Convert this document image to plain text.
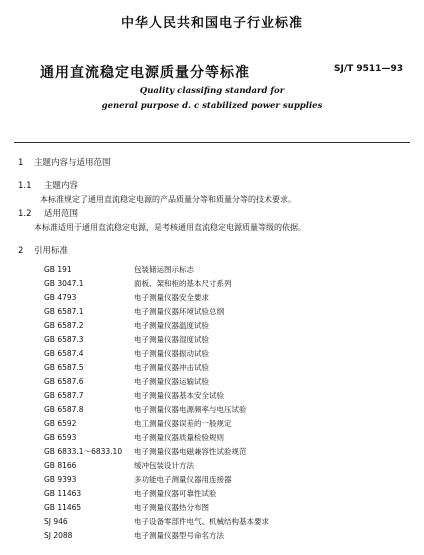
中华人民共和国电子行业标准
通用直流稳定电源质量分等标准	SJ/T 9511—93
Quality classifing standard for
general purpose d. c stabilized power supplies
1 主题内容与适用范围
1.1 主题内容
本标准规定了通用直流稳定电源的产品质量分等和质量分等的技术要求。
1.2 适用范围
本标准适用于通用直流稳定电源，是考核通用直流稳定电源质量等级的依据。
2 引用标准
GB 191	包装储运图示标志
GB 3047.1	面板、架和柜的基本尺寸系列
GB 4793	电子测量仪器安全要求
GB 6587.1	电子测量仪器环境试验总纲
GB 6587.2	电子测量仪器温度试验
GB 6587.3	电子测量仪器湿度试验
GB 6587.4	电子测量仪器振动试验
GB 6587.5	电子测量仪器冲击试验
GB 6587.6	电子测量仪器运输试验
GB 6587.7	电子测量仪器基本安全试验
GB 6587.8	电子测量仪器电源频率与电压试验
GB 6592	电工测量仪器误差的一般规定
GB 6593	电子测量仪器质量检验规则
GB 6833.1～6833.10 电子测量仪器电磁兼容性试验规范
GB 8166	缓冲包装设计方法
GB 9393	多功能电子测量仪器用连接器
GB 11463	电子测量仪器可靠性试验
GB 11465	电子测量仪器热分布图
SJ 946	电子设备零部件电气、机械结构基本要求
SJ 2088	电子测量仪器型号命名方法
